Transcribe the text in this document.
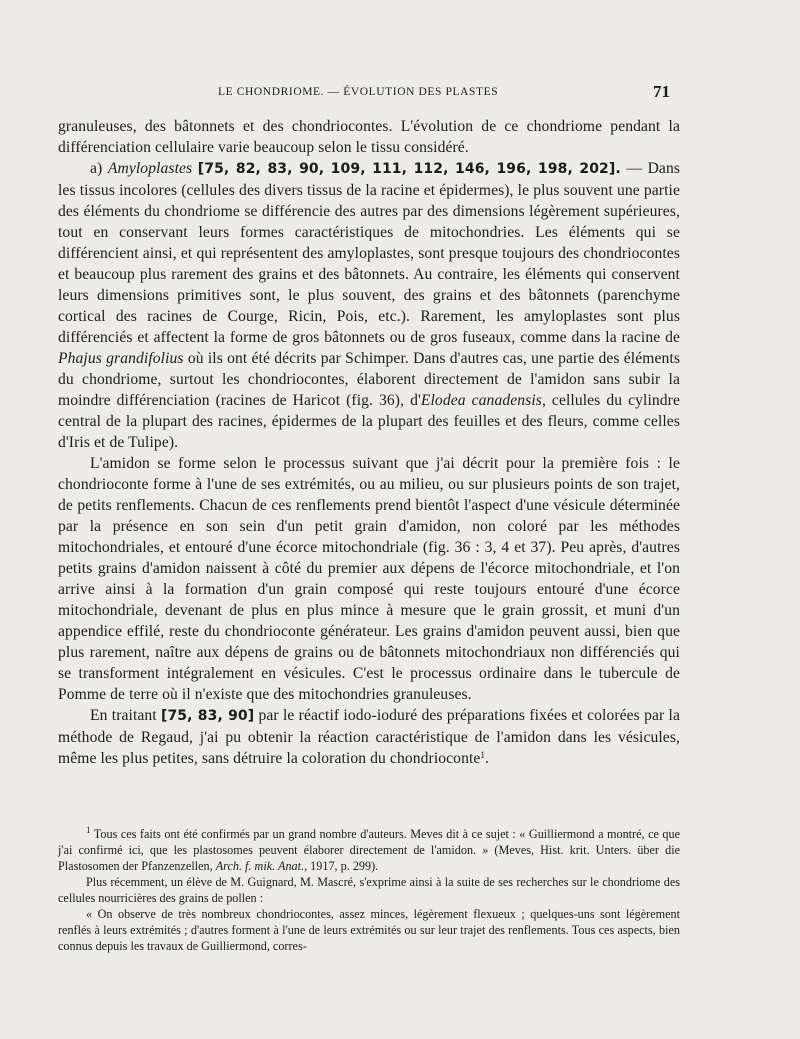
LE CHONDRIOME. — ÉVOLUTION DES PLASTES	71

granuleuses, des bâtonnets et des chondriocontes. L'évolution de ce chondriome pendant la différenciation cellulaire varie beaucoup selon le tissu considéré.

a) Amyloplastes [75, 82, 83, 90, 109, 111, 112, 146, 196, 198, 202]. — Dans les tissus incolores (cellules des divers tissus de la racine et épidermes), le plus souvent une partie des éléments du chondriome se différencie des autres par des dimensions légèrement supérieures, tout en conservant leurs formes caractéristiques de mitochondries. Les éléments qui se différencient ainsi, et qui représentent des amyloplastes, sont presque toujours des chondriocontes et beaucoup plus rarement des grains et des bâtonnets. Au contraire, les éléments qui conservent leurs dimensions primitives sont, le plus souvent, des grains et des bâtonnets (parenchyme cortical des racines de Courge, Ricin, Pois, etc.). Rarement, les amyloplastes sont plus différenciés et affectent la forme de gros bâtonnets ou de gros fuseaux, comme dans la racine de Phajus grandifolius où ils ont été décrits par Schimper. Dans d'autres cas, une partie des éléments du chondriome, surtout les chondriocontes, élaborent directement de l'amidon sans subir la moindre différenciation (racines de Haricot (fig. 36), d'Elodea canadensis, cellules du cylindre central de la plupart des racines, épidermes de la plupart des feuilles et des fleurs, comme celles d'Iris et de Tulipe).

L'amidon se forme selon le processus suivant que j'ai décrit pour la première fois : le chondrioconte forme à l'une de ses extrémités, ou au milieu, ou sur plusieurs points de son trajet, de petits renflements. Chacun de ces renflements prend bientôt l'aspect d'une vésicule déterminée par la présence en son sein d'un petit grain d'amidon, non coloré par les méthodes mitochondriales, et entouré d'une écorce mitochondriale (fig. 36 : 3, 4 et 37). Peu après, d'autres petits grains d'amidon naissent à côté du premier aux dépens de l'écorce mitochondriale, et l'on arrive ainsi à la formation d'un grain composé qui reste toujours entouré d'une écorce mitochondriale, devenant de plus en plus mince à mesure que le grain grossit, et muni d'un appendice effilé, reste du chondrioconte générateur. Les grains d'amidon peuvent aussi, bien que plus rarement, naître aux dépens de grains ou de bâtonnets mitochondriaux non différenciés qui se transforment intégralement en vésicules. C'est le processus ordinaire dans le tubercule de Pomme de terre où il n'existe que des mitochondries granuleuses.

En traitant [75, 83, 90] par le réactif iodo-ioduré des préparations fixées et colorées par la méthode de Regaud, j'ai pu obtenir la réaction caractéristique de l'amidon dans les vésicules, même les plus petites, sans détruire la coloration du chondrioconte$^1$.

$^1$ Tous ces faits ont été confirmés par un grand nombre d'auteurs. Meves dit à ce sujet : « Guilliermond a montré, ce que j'ai confirmé ici, que les plastosomes peuvent élaborer directement de l'amidon. » (Meves, Hist. krit. Unters. über die Plastosomen der Pfanzenzellen, Arch. f. mik. Anat., 1917, p. 299).

Plus récemment, un élève de M. Guignard, M. Mascré, s'exprime ainsi à la suite de ses recherches sur le chondriome des cellules nourricières des grains de pollen :

« On observe de très nombreux chondriocontes, assez minces, légèrement flexueux ; quelques-uns sont légèrement renflés à leurs extrémités ; d'autres forment à l'une de leurs extrémités ou sur leur trajet des renflements. Tous ces aspects, bien connus depuis les travaux de Guilliermond, corres-
